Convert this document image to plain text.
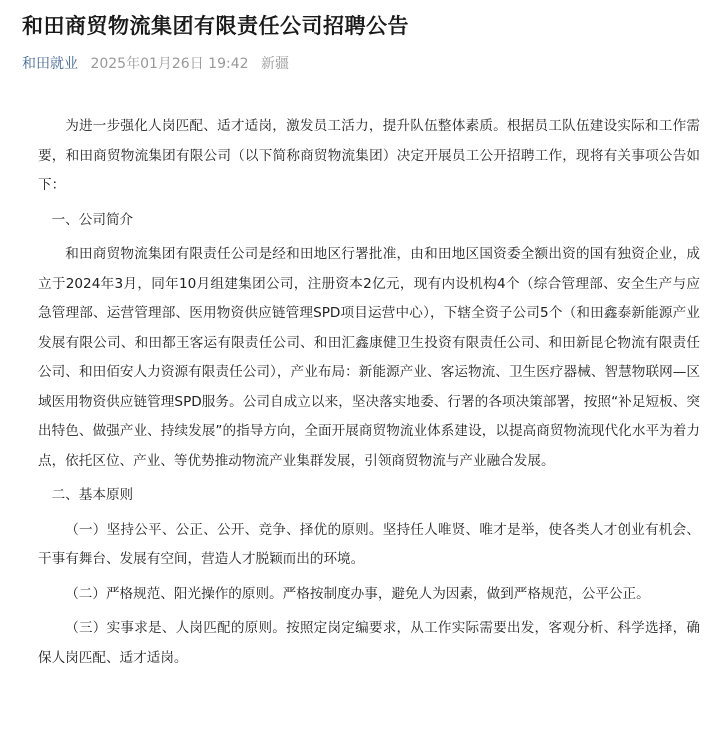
和田商贸物流集团有限责任公司招聘公告
和田就业 2025年01月26日 19:42 新疆

为进一步强化人岗匹配、适才适岗，激发员工活力，提升队伍整体素质。根据员工队伍建设实际和工作需要，和田商贸物流集团有限公司（以下简称商贸物流集团）决定开展员工公开招聘工作，现将有关事项公告如下：

一、公司简介

和田商贸物流集团有限责任公司是经和田地区行署批准，由和田地区国资委全额出资的国有独资企业，成立于2024年3月，同年10月组建集团公司，注册资本2亿元，现有内设机构4个（综合管理部、安全生产与应急管理部、运营管理部、医用物资供应链管理SPD项目运营中心），下辖全资子公司5个（和田鑫泰新能源产业发展有限公司、和田都王客运有限责任公司、和田汇鑫康健卫生投资有限责任公司、和田新昆仑物流有限责任公司、和田佰安人力资源有限责任公司），产业布局：新能源产业、客运物流、卫生医疗器械、智慧物联网—区域医用物资供应链管理SPD服务。公司自成立以来，坚决落实地委、行署的各项决策部署，按照“补足短板、突出特色、做强产业、持续发展”的指导方向，全面开展商贸物流业体系建设，以提高商贸物流现代化水平为着力点，依托区位、产业、等优势推动物流产业集群发展，引领商贸物流与产业融合发展。

二、基本原则

（一）坚持公平、公正、公开、竞争、择优的原则。坚持任人唯贤、唯才是举，使各类人才创业有机会、干事有舞台、发展有空间，营造人才脱颖而出的环境。

（二）严格规范、阳光操作的原则。严格按制度办事，避免人为因素，做到严格规范，公平公正。

（三）实事求是、人岗匹配的原则。按照定岗定编要求，从工作实际需要出发，客观分析、科学选择，确保人岗匹配、适才适岗。
